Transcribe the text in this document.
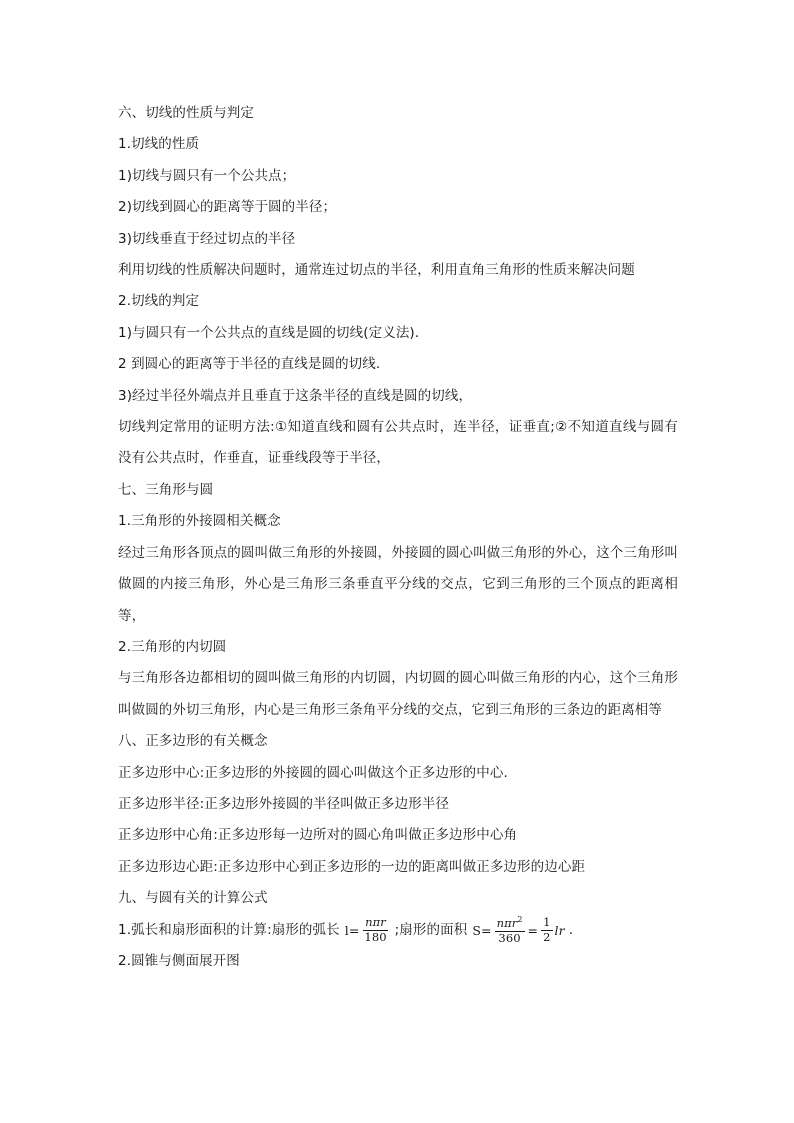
六、切线的性质与判定
1.切线的性质
1)切线与圆只有一个公共点；
2)切线到圆心的距离等于圆的半径；
3)切线垂直于经过切点的半径
利用切线的性质解决问题时，通常连过切点的半径，利用直角三角形的性质来解决问题
2.切线的判定
1)与圆只有一个公共点的直线是圆的切线(定义法).
2 到圆心的距离等于半径的直线是圆的切线.
3)经过半径外端点并且垂直于这条半径的直线是圆的切线，
切线判定常用的证明方法:①知道直线和圆有公共点时，连半径，证垂直;②不知道直线与圆有没有公共点时，作垂直，证垂线段等于半径，
七、三角形与圆
1.三角形的外接圆相关概念
经过三角形各顶点的圆叫做三角形的外接圆，外接圆的圆心叫做三角形的外心，这个三角形叫做圆的内接三角形，外心是三角形三条垂直平分线的交点，它到三角形的三个顶点的距离相等，
2.三角形的内切圆
与三角形各边都相切的圆叫做三角形的内切圆，内切圆的圆心叫做三角形的内心，这个三角形叫做圆的外切三角形，内心是三角形三条角平分线的交点，它到三角形的三条边的距离相等
八、正多边形的有关概念
正多边形中心:正多边形的外接圆的圆心叫做这个正多边形的中心.
正多边形半径:正多边形外接圆的半径叫做正多边形半径
正多边形中心角:正多边形每一边所对的圆心角叫做正多边形中心角
正多边形边心距:正多边形中心到正多边形的一边的距离叫做正多边形的边心距
九、与圆有关的计算公式
1.弧长和扇形面积的计算:扇形的弧长 $l= \frac{\text{nπr}}{180}$ ;扇形的面积 $S= \frac{n\pi r^2}{360} = \frac{1}{2}$ lr .
2.圆锥与侧面展开图
